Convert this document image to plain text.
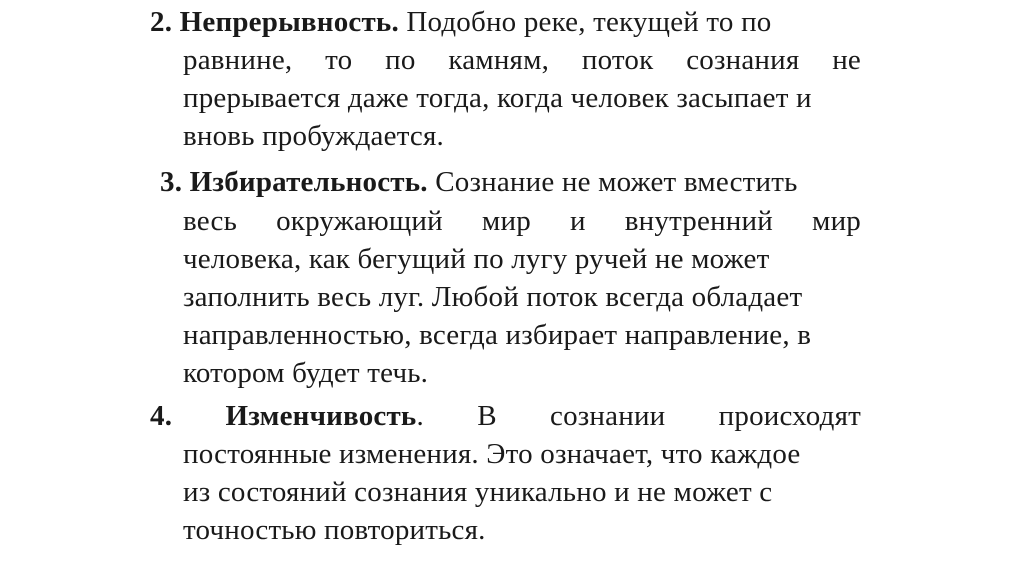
2. Непрерывность. Подобно реке, текущей то по
равнине, то по камням, поток сознания не
прерывается даже тогда, когда человек засыпает и
вновь пробуждается.
3. Избирательность. Сознание не может вместить
весь окружающий мир и внутренний мир
человека, как бегущий по лугу ручей не может
заполнить весь луг. Любой поток всегда обладает
направленностью, всегда избирает направление, в
котором будет течь.
4. Изменчивость. В сознании происходят
постоянные изменения. Это означает, что каждое
из состояний сознания уникально и не может с
точностью повториться.
